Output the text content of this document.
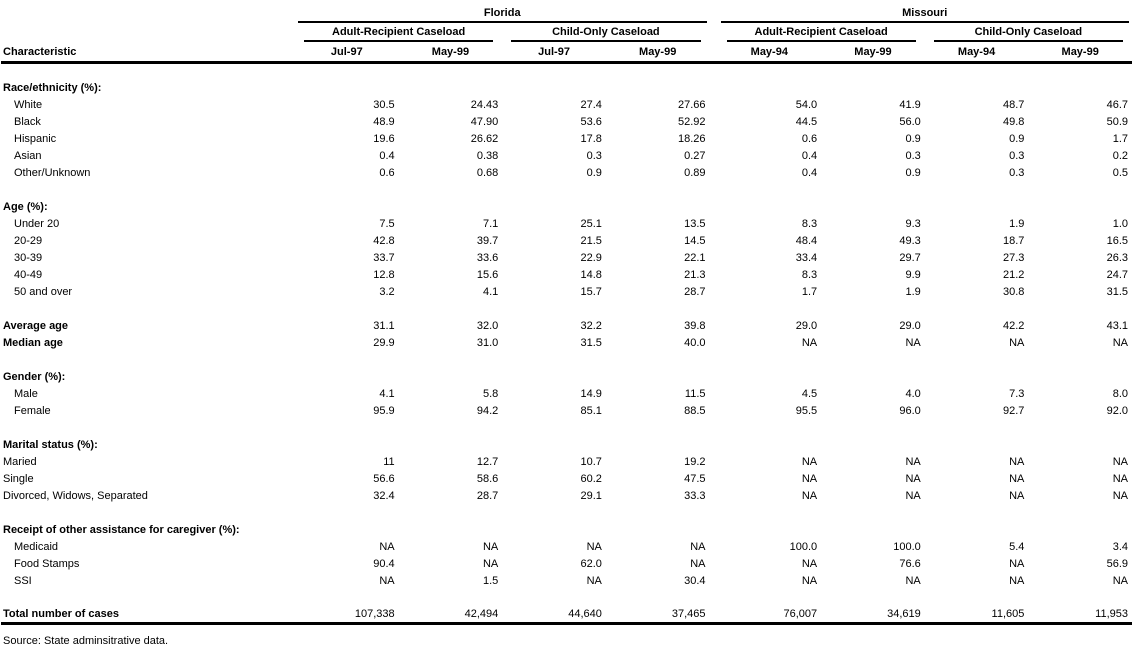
	Florida					Missouri			

	Adult-Recipient Caseload		Child-Only Caseload			Adult-Recipient Caseload		Child-Only Caseload	

Characteristic	Jul-97	May-99	Jul-97	May-99		May-94	May-99	May-94	May-99

Race/ethnicity (%):									
White	30.5	24.43	27.4	27.66		54.0	41.9	48.7	46.7
Black	48.9	47.90	53.6	52.92		44.5	56.0	49.8	50.9
Hispanic	19.6	26.62	17.8	18.26		0.6	0.9	0.9	1.7
Asian	0.4	0.38	0.3	0.27		0.4	0.3	0.3	0.2
Other/Unknown	0.6	0.68	0.9	0.89		0.4	0.9	0.3	0.5

Age (%):									
Under 20	7.5	7.1	25.1	13.5		8.3	9.3	1.9	1.0
20-29	42.8	39.7	21.5	14.5		48.4	49.3	18.7	16.5
30-39	33.7	33.6	22.9	22.1		33.4	29.7	27.3	26.3
40-49	12.8	15.6	14.8	21.3		8.3	9.9	21.2	24.7
50 and over	3.2	4.1	15.7	28.7		1.7	1.9	30.8	31.5

Average age	31.1	32.0	32.2	39.8		29.0	29.0	42.2	43.1
Median age	29.9	31.0	31.5	40.0		NA	NA	NA	NA

Gender (%):									
Male	4.1	5.8	14.9	11.5		4.5	4.0	7.3	8.0
Female	95.9	94.2	85.1	88.5		95.5	96.0	92.7	92.0

Marital status (%):									
Maried	11	12.7	10.7	19.2		NA	NA	NA	NA
Single	56.6	58.6	60.2	47.5		NA	NA	NA	NA
Divorced, Widows, Separated	32.4	28.7	29.1	33.3		NA	NA	NA	NA

Receipt of other assistance for caregiver (%):									
Medicaid	NA	NA	NA	NA		100.0	100.0	5.4	3.4
Food Stamps	90.4	NA	62.0	NA		NA	76.6	NA	56.9
SSI	NA	1.5	NA	30.4		NA	NA	NA	NA

Total number of cases	107,338	42,494	44,640	37,465		76,007	34,619	11,605	11,953
Source: State adminsitrative data.
